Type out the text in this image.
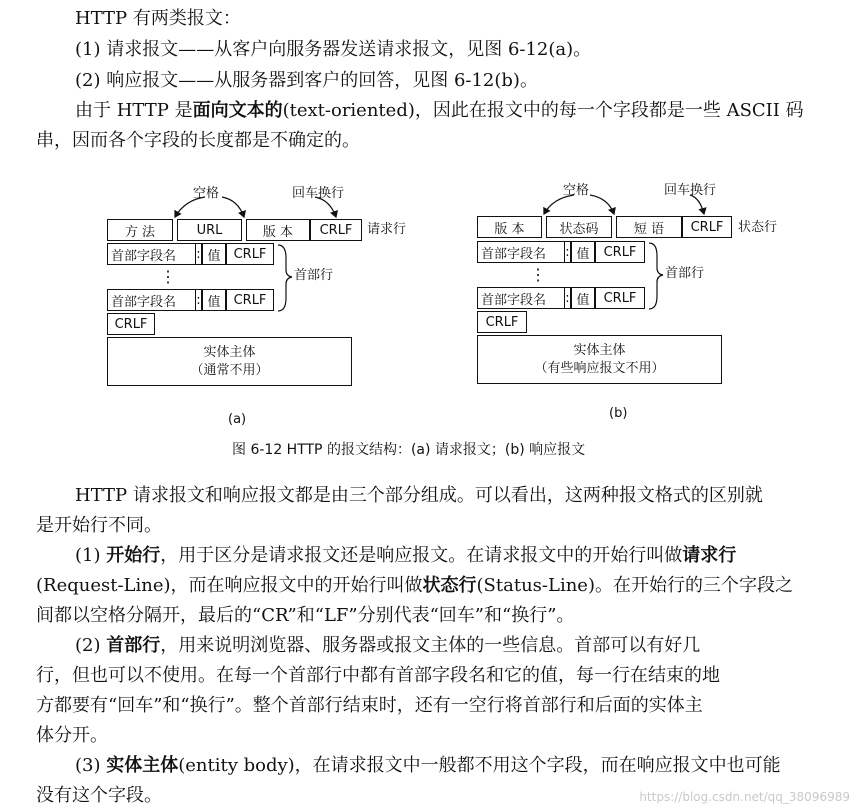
HTTP 有两类报文：
(1) 请求报文——从客户向服务器发送请求报文，见图 6-12(a)。
(2) 响应报文——从服务器到客户的回答，见图 6-12(b)。
由于 HTTP 是面向文本的(text-oriented)，因此在报文中的每一个字段都是一些 ASCII 码
串，因而各个字段的长度都是不确定的。
空格	回车换行
方 法	URL	版 本	CRLF	请求行
首部字段名	: 值	CRLF
⋮
首部字段名	: 值	CRLF
首部行
CRLF
实体主体
（通常不用）
(a)
空格	回车换行
版 本	状态码	短 语	CRLF	状态行
首部字段名	: 值	CRLF
⋮
首部字段名	: 值	CRLF
首部行
CRLF
实体主体
（有些响应报文不用）
(b)
图 6-12 HTTP 的报文结构：(a) 请求报文；(b) 响应报文
HTTP 请求报文和响应报文都是由三个部分组成。可以看出，这两种报文格式的区别就
是开始行不同。
(1) 开始行，用于区分是请求报文还是响应报文。在请求报文中的开始行叫做请求行
(Request-Line)，而在响应报文中的开始行叫做状态行(Status-Line)。在开始行的三个字段之
间都以空格分隔开，最后的“CR”和“LF”分别代表“回车”和“换行”。
(2) 首部行，用来说明浏览器、服务器或报文主体的一些信息。首部可以有好几
行，但也可以不使用。在每一个首部行中都有首部字段名和它的值，每一行在结束的地
方都要有“回车”和“换行”。整个首部行结束时，还有一空行将首部行和后面的实体主
体分开。
(3) 实体主体(entity body)，在请求报文中一般都不用这个字段，而在响应报文中也可能
没有这个字段。	https://blog.csdn.net/qq_38096989
